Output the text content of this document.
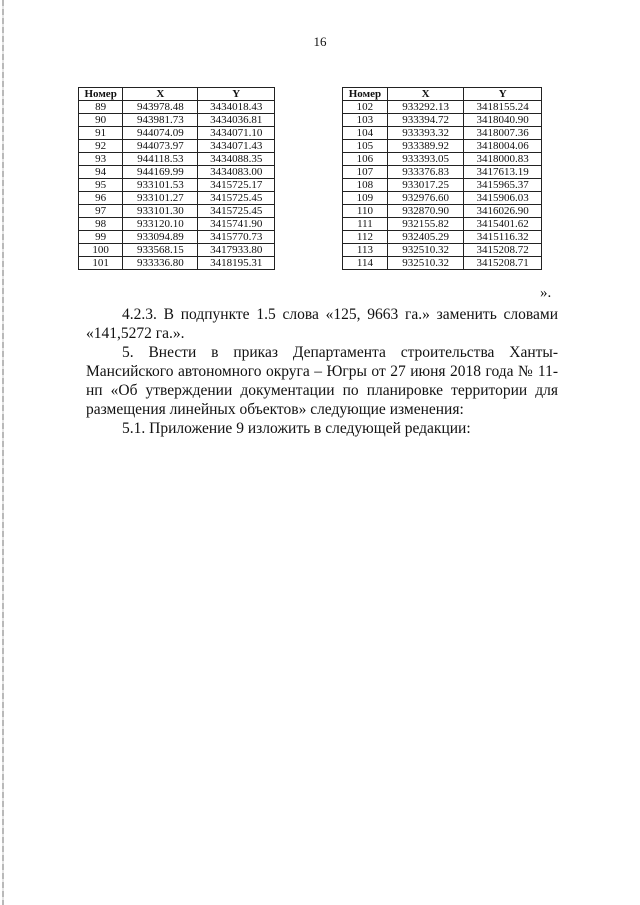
16
Номер	X	Y
89	943978.48	3434018.43
90	943981.73	3434036.81
91	944074.09	3434071.10
92	944073.97	3434071.43
93	944118.53	3434088.35
94	944169.99	3434083.00
95	933101.53	3415725.17
96	933101.27	3415725.45
97	933101.30	3415725.45
98	933120.10	3415741.90
99	933094.89	3415770.73
100	933568.15	3417933.80
101	933336.80	3418195.31
Номер	X	Y
102	933292.13	3418155.24
103	933394.72	3418040.90
104	933393.32	3418007.36
105	933389.92	3418004.06
106	933393.05	3418000.83
107	933376.83	3417613.19
108	933017.25	3415965.37
109	932976.60	3415906.03
110	932870.90	3416026.90
111	932155.82	3415401.62
112	932405.29	3415116.32
113	932510.32	3415208.72
114	932510.32	3415208.71
».

4.2.3. В подпункте 1.5 слова «125, 9663 га.» заменить словами «141,5272 га.».

5. Внести в приказ Департамента строительства Ханты-Мансийского автономного округа – Югры от 27 июня 2018 года № 11-нп «Об утверждении документации по планировке территории для размещения линейных объектов» следующие изменения:

5.1. Приложение 9 изложить в следующей редакции:
